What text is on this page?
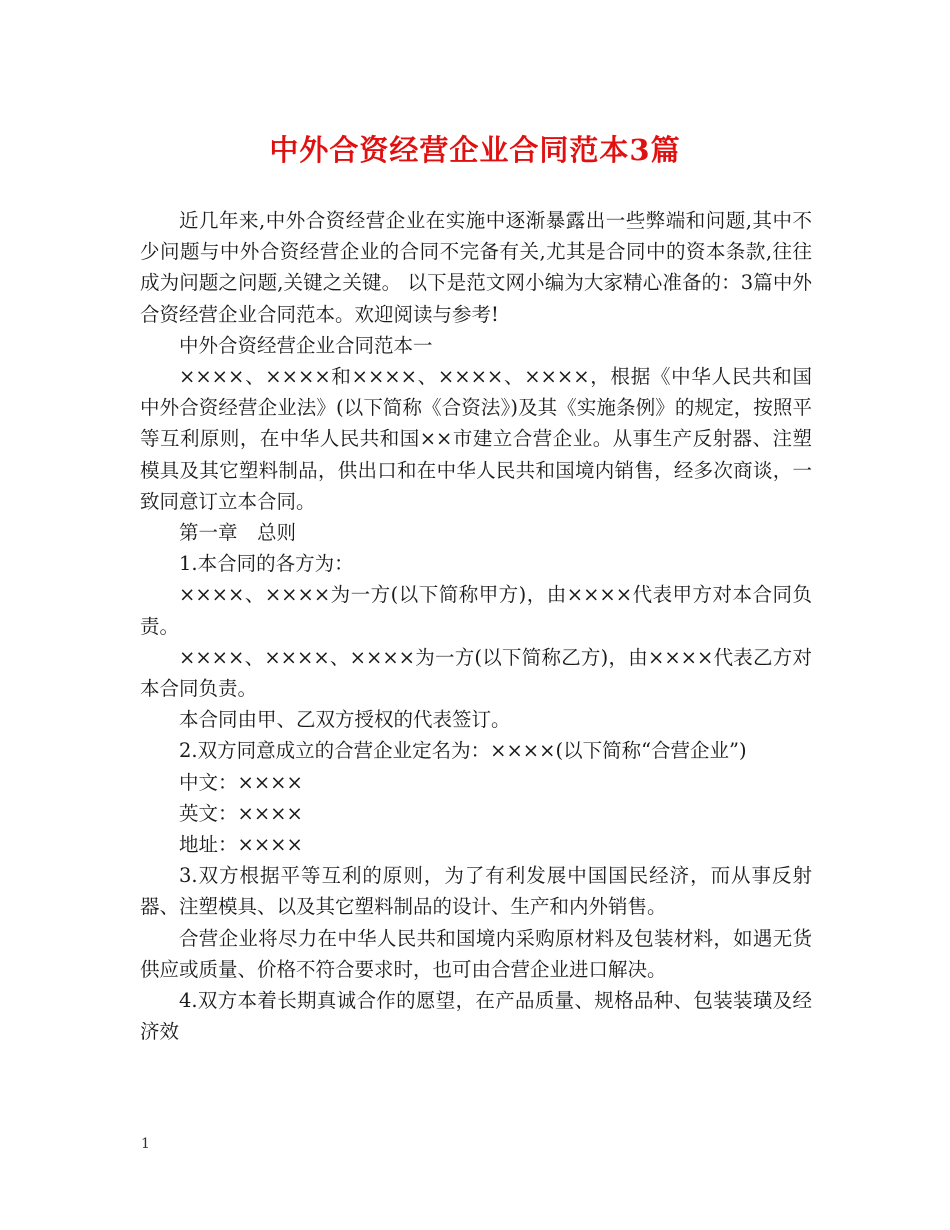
中外合资经营企业合同范本3篇

近几年来,中外合资经营企业在实施中逐渐暴露出一些弊端和问题,其中不少问题与中外合资经营企业的合同不完备有关,尤其是合同中的资本条款,往往成为问题之问题,关键之关键。 以下是范文网小编为大家精心准备的：3篇中外合资经营企业合同范本。欢迎阅读与参考!

中外合资经营企业合同范本一

××××、××××和××××、××××、××××，根据《中华人民共和国中外合资经营企业法》(以下简称《合资法》)及其《实施条例》的规定，按照平等互利原则，在中华人民共和国××市建立合营企业。从事生产反射器、注塑模具及其它塑料制品，供出口和在中华人民共和国境内销售，经多次商谈，一致同意订立本合同。

第一章　总则

1.本合同的各方为：

××××、××××为一方(以下简称甲方)，由××××代表甲方对本合同负责。

××××、××××、××××为一方(以下简称乙方)，由××××代表乙方对本合同负责。

本合同由甲、乙双方授权的代表签订。

2.双方同意成立的合营企业定名为：××××(以下简称“合营企业”)

中文：××××

英文：××××

地址：××××

3.双方根据平等互利的原则，为了有利发展中国国民经济，而从事反射器、注塑模具、以及其它塑料制品的设计、生产和内外销售。

合营企业将尽力在中华人民共和国境内采购原材料及包装材料，如遇无货供应或质量、价格不符合要求时，也可由合营企业进口解决。

4.双方本着长期真诚合作的愿望，在产品质量、规格品种、包装装璜及经济效

1
